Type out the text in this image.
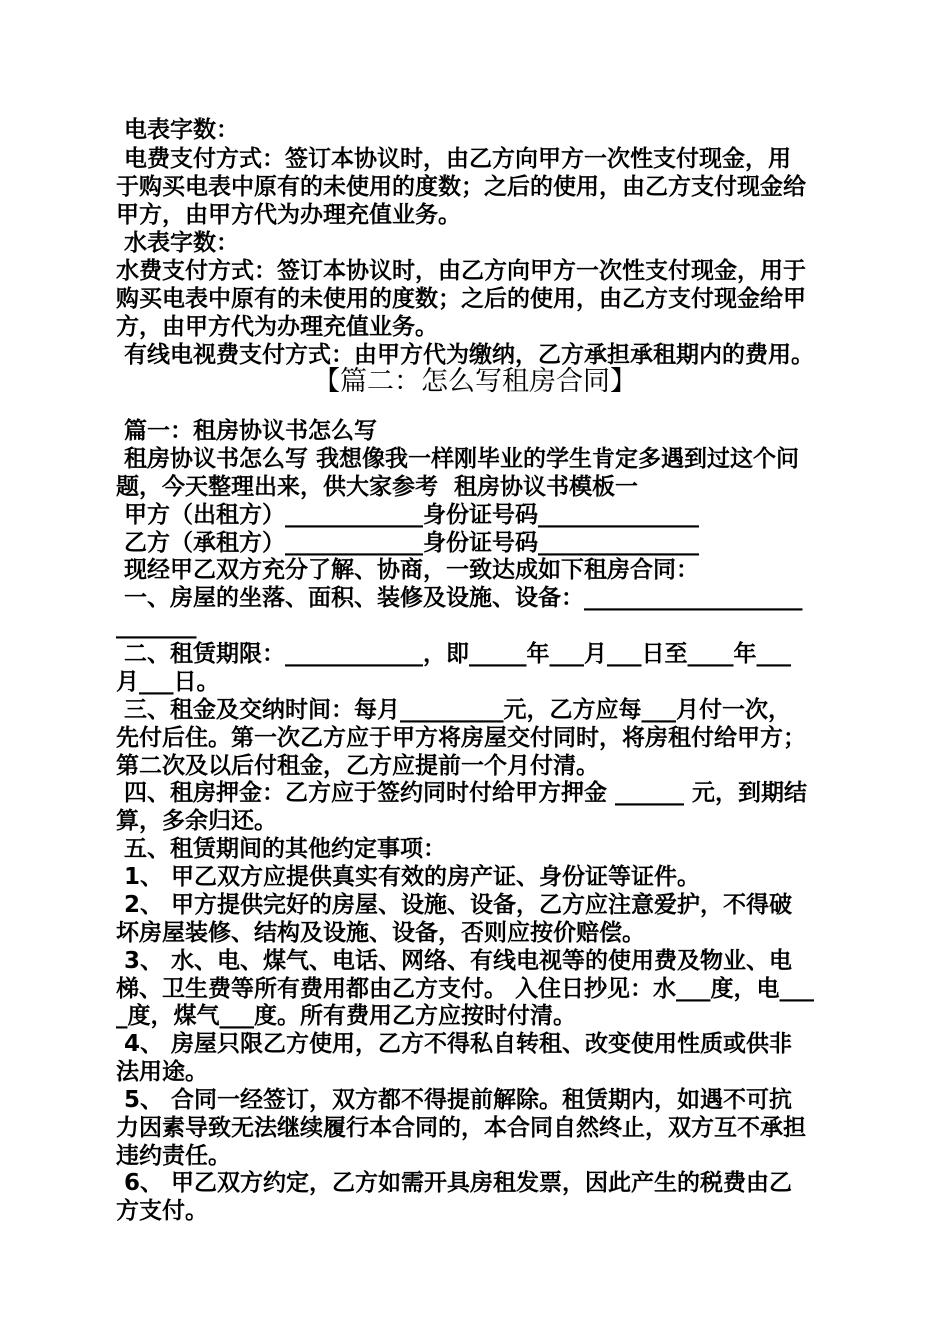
电表字数：
电费支付方式：签订本协议时，由乙方向甲方一次性支付现金，用
于购买电表中原有的未使用的度数；之后的使用，由乙方支付现金给
甲方，由甲方代为办理充值业务。
水表字数：
水费支付方式：签订本协议时，由乙方向甲方一次性支付现金，用于
购买电表中原有的未使用的度数；之后的使用，由乙方支付现金给甲
方，由甲方代为办理充值业务。
有线电视费支付方式：由甲方代为缴纳，乙方承担承租期内的费用。
【篇二：怎么写租房合同】
篇一：租房协议书怎么写
租房协议书怎么写 我想像我一样刚毕业的学生肯定多遇到过这个问
题，今天整理出来，供大家参考  租房协议书模板一
甲方（出租方）____________身份证号码______________
乙方（承租方）____________身份证号码______________
现经甲乙双方充分了解、协商，一致达成如下租房合同：
一、房屋的坐落、面积、装修及设施、设备：___________________
_______
二、租赁期限：____________，即_____年___月___日至____年___
月___日。
三、租金及交纳时间：每月_________元，乙方应每___月付一次，
先付后住。第一次乙方应于甲方将房屋交付同时，将房租付给甲方；
第二次及以后付租金，乙方应提前一个月付清。
四、租房押金：乙方应于签约同时付给甲方押金 ______ 元，到期结
算，多余归还。
五、租赁期间的其他约定事项：
1、 甲乙双方应提供真实有效的房产证、身份证等证件。
2、 甲方提供完好的房屋、设施、设备，乙方应注意爱护，不得破
坏房屋装修、结构及设施、设备，否则应按价赔偿。
3、 水、电、煤气、电话、网络、有线电视等的使用费及物业、电
梯、卫生费等所有费用都由乙方支付。 入住日抄见：水___度，电___
_度，煤气___度。所有费用乙方应按时付清。
4、 房屋只限乙方使用，乙方不得私自转租、改变使用性质或供非
法用途。
5、 合同一经签订，双方都不得提前解除。租赁期内，如遇不可抗
力因素导致无法继续履行本合同的，本合同自然终止，双方互不承担
违约责任。
6、 甲乙双方约定，乙方如需开具房租发票，因此产生的税费由乙
方支付。
